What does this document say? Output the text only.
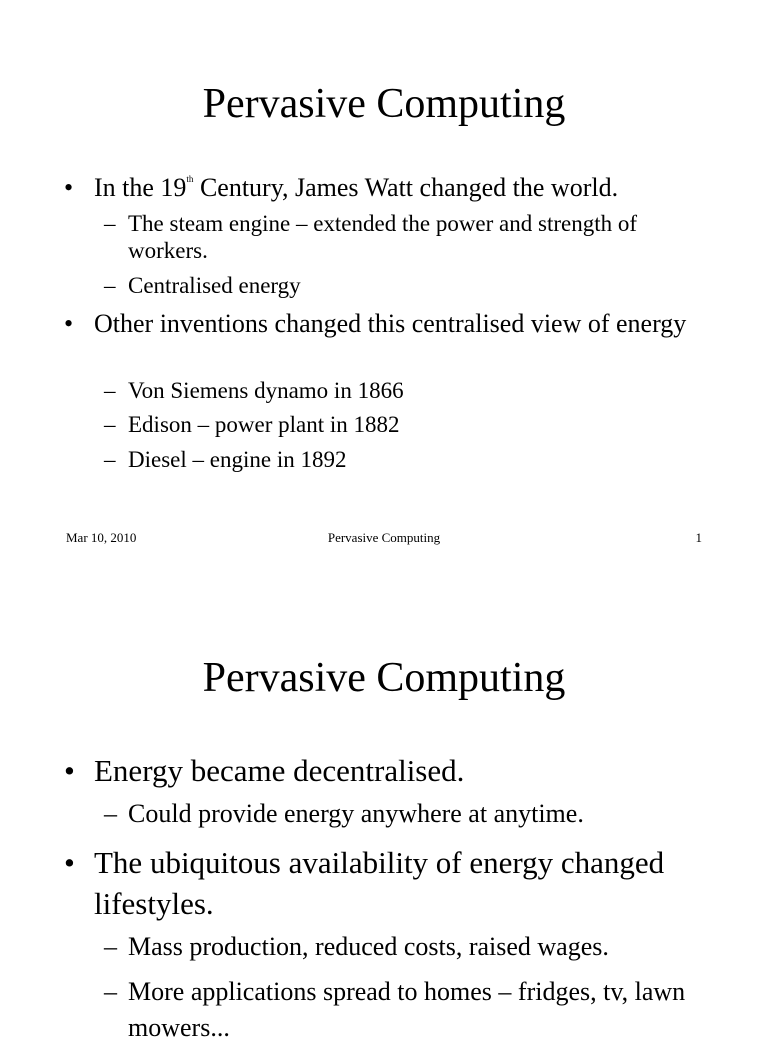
Pervasive Computing
• In the 19th Century, James Watt changed the world.
– The steam engine – extended the power and strength of workers.
– Centralised energy
• Other inventions changed this centralised view of energy
– Von Siemens dynamo in 1866
– Edison – power plant in 1882
– Diesel – engine in 1892
Mar 10, 2010	Pervasive Computing	1
Pervasive Computing
• Energy became decentralised.
– Could provide energy anywhere at anytime.
• The ubiquitous availability of energy changed lifestyles.
– Mass production, reduced costs, raised wages.
– More applications spread to homes – fridges, tv, lawn mowers...
